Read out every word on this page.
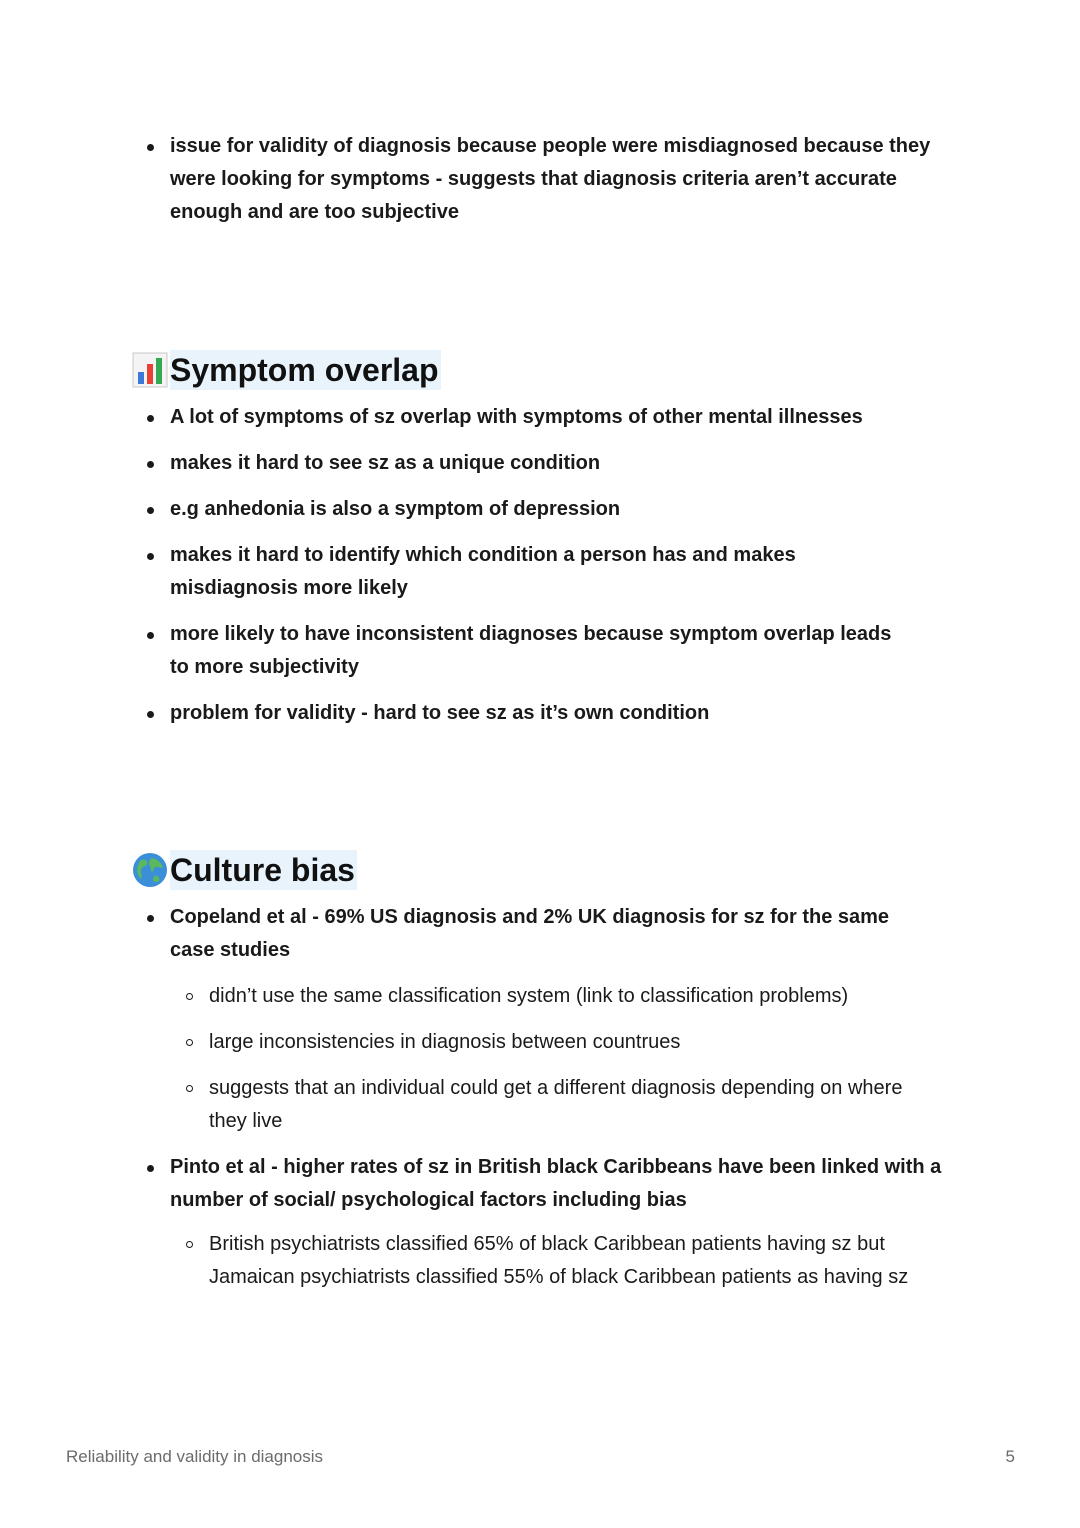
issue for validity of diagnosis because people were misdiagnosed because they were looking for symptoms - suggests that diagnosis criteria aren’t accurate enough and are too subjective
Symptom overlap
A lot of symptoms of sz overlap with symptoms of other mental illnesses
makes it hard to see sz as a unique condition
e.g anhedonia is also a symptom of depression
makes it hard to identify which condition a person has and makes misdiagnosis more likely
more likely to have inconsistent diagnoses because symptom overlap leads to more subjectivity
problem for validity - hard to see sz as it’s own condition
Culture bias
Copeland et al - 69% US diagnosis and 2% UK diagnosis for sz for the same case studies
didn’t use the same classification system (link to classification problems)
large inconsistencies in diagnosis between countrues
suggests that an individual could get a different diagnosis depending on where they live
Pinto et al - higher rates of sz in British black Caribbeans have been linked with a number of social/ psychological factors including bias
British psychiatrists classified 65% of black Caribbean patients having sz but Jamaican psychiatrists classified 55% of black Caribbean patients as having sz
Reliability and validity in diagnosis	5
